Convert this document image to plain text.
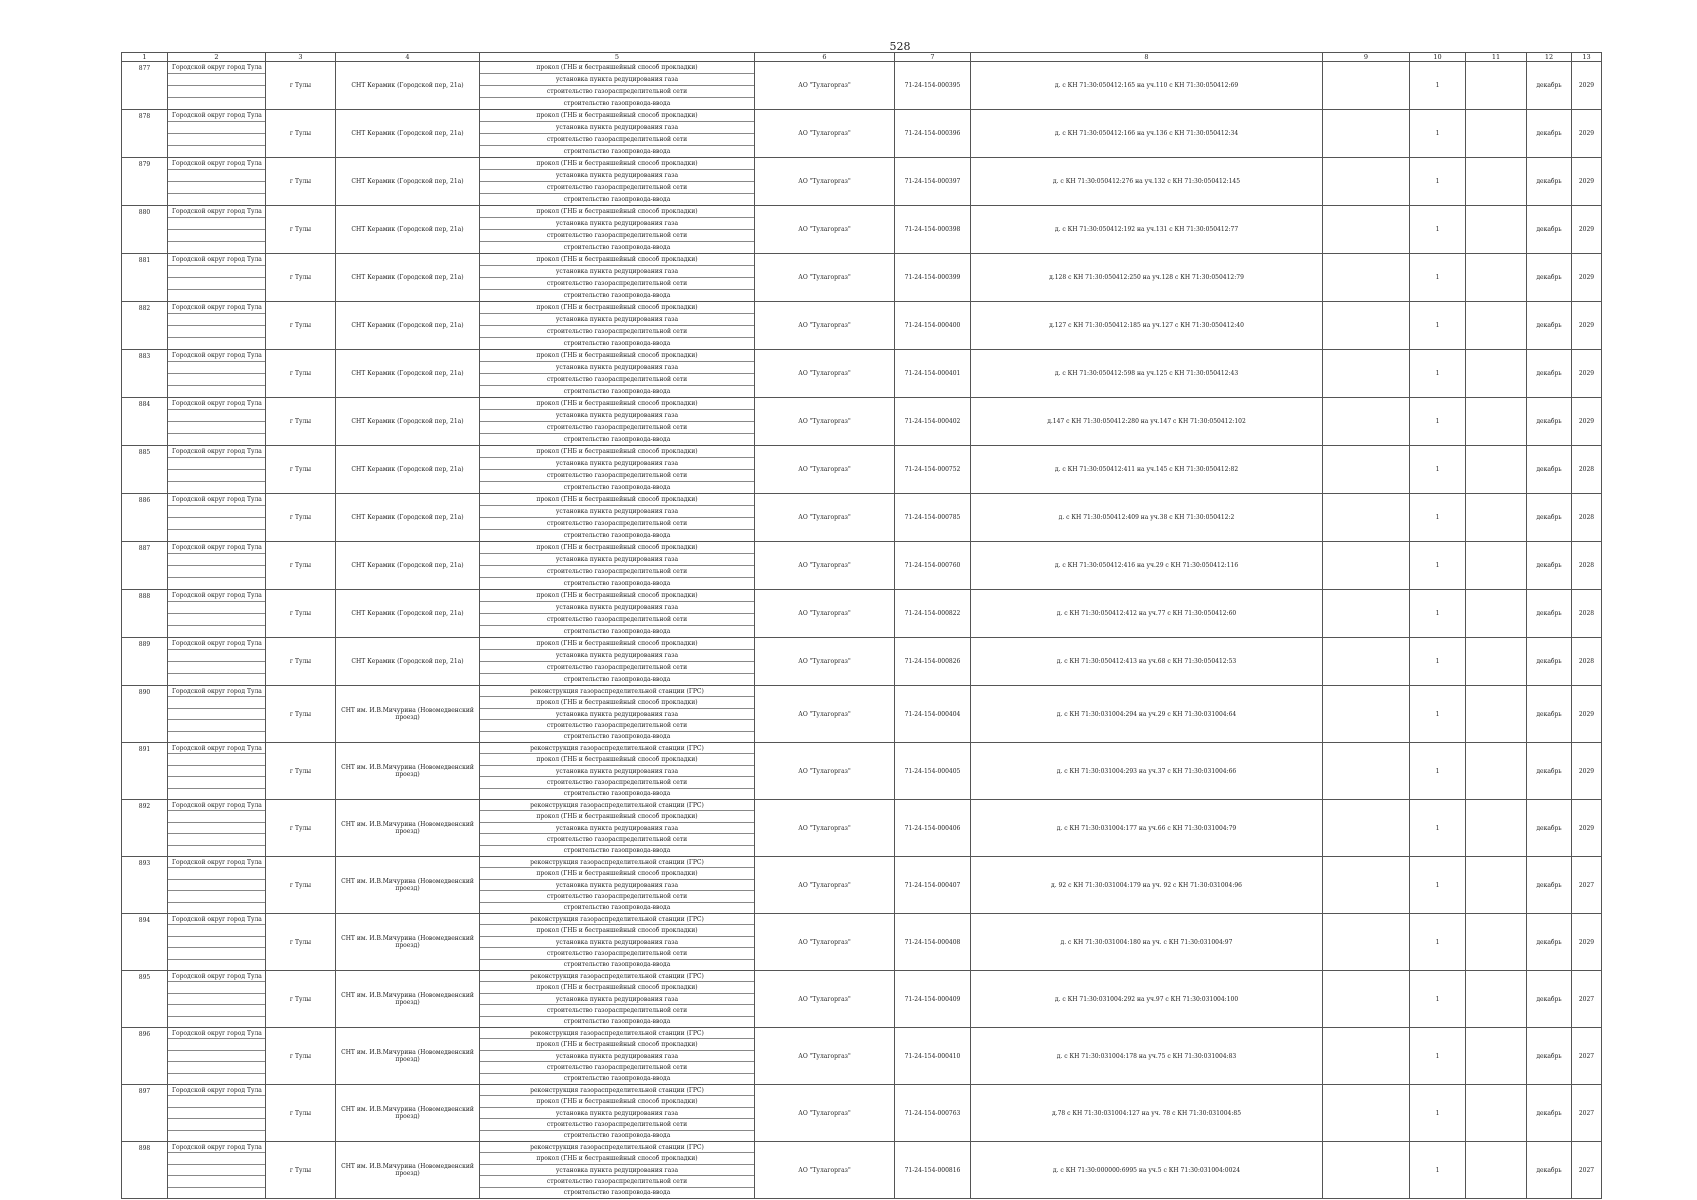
528
1	2	3	4	5	6	7	8	9	10	11	12	13
877	Городской округ город Тула	г Тулы	СНТ Керамик (Городской пер, 21а)	прокол (ГНБ и бестраншейный способ прокладки)
установка пункта редуцирования газа
строительство газораспределительной сети
строительство газопровода-ввода	АО "Тулагоргаз"	71-24-154-000395	д. с КН 71:30:050412:165 на уч.110 с КН 71:30:050412:69		1		декабрь	2029
878	Городской округ город Тула	г Тулы	СНТ Керамик (Городской пер, 21а)	прокол (ГНБ и бестраншейный способ прокладки)
установка пункта редуцирования газа
строительство газораспределительной сети
строительство газопровода-ввода	АО "Тулагоргаз"	71-24-154-000396	д. с КН 71:30:050412:166 на уч.136 с КН 71:30:050412:34		1		декабрь	2029
879	Городской округ город Тула	г Тулы	СНТ Керамик (Городской пер, 21а)	прокол (ГНБ и бестраншейный способ прокладки)
установка пункта редуцирования газа
строительство газораспределительной сети
строительство газопровода-ввода	АО "Тулагоргаз"	71-24-154-000397	д. с КН 71:30:050412:276 на уч.132 с КН 71:30:050412:145		1		декабрь	2029
880	Городской округ город Тула	г Тулы	СНТ Керамик (Городской пер, 21а)	прокол (ГНБ и бестраншейный способ прокладки)
установка пункта редуцирования газа
строительство газораспределительной сети
строительство газопровода-ввода	АО "Тулагоргаз"	71-24-154-000398	д. с КН 71:30:050412:192 на уч.131 с КН 71:30:050412:77		1		декабрь	2029
881	Городской округ город Тула	г Тулы	СНТ Керамик (Городской пер, 21а)	прокол (ГНБ и бестраншейный способ прокладки)
установка пункта редуцирования газа
строительство газораспределительной сети
строительство газопровода-ввода	АО "Тулагоргаз"	71-24-154-000399	д.128 с КН 71:30:050412:250 на уч.128 с КН 71:30:050412:79		1		декабрь	2029
882	Городской округ город Тула	г Тулы	СНТ Керамик (Городской пер, 21а)	прокол (ГНБ и бестраншейный способ прокладки)
установка пункта редуцирования газа
строительство газораспределительной сети
строительство газопровода-ввода	АО "Тулагоргаз"	71-24-154-000400	д.127 с КН 71:30:050412:185 на уч.127 с КН 71:30:050412:40		1		декабрь	2029
883	Городской округ город Тула	г Тулы	СНТ Керамик (Городской пер, 21а)	прокол (ГНБ и бестраншейный способ прокладки)
установка пункта редуцирования газа
строительство газораспределительной сети
строительство газопровода-ввода	АО "Тулагоргаз"	71-24-154-000401	д. с КН 71:30:050412:598 на уч.125 с КН 71:30:050412:43		1		декабрь	2029
884	Городской округ город Тула	г Тулы	СНТ Керамик (Городской пер, 21а)	прокол (ГНБ и бестраншейный способ прокладки)
установка пункта редуцирования газа
строительство газораспределительной сети
строительство газопровода-ввода	АО "Тулагоргаз"	71-24-154-000402	д.147 с КН 71:30:050412:280 на уч.147 с КН 71:30:050412:102		1		декабрь	2029
885	Городской округ город Тула	г Тулы	СНТ Керамик (Городской пер, 21а)	прокол (ГНБ и бестраншейный способ прокладки)
установка пункта редуцирования газа
строительство газораспределительной сети
строительство газопровода-ввода	АО "Тулагоргаз"	71-24-154-000752	д. с КН 71:30:050412:411 на уч.145 с КН 71:30:050412:82		1		декабрь	2028
886	Городской округ город Тула	г Тулы	СНТ Керамик (Городской пер, 21а)	прокол (ГНБ и бестраншейный способ прокладки)
установка пункта редуцирования газа
строительство газораспределительной сети
строительство газопровода-ввода	АО "Тулагоргаз"	71-24-154-000785	д. с КН 71:30:050412:409 на уч.38 с КН 71:30:050412:2		1		декабрь	2028
887	Городской округ город Тула	г Тулы	СНТ Керамик (Городской пер, 21а)	прокол (ГНБ и бестраншейный способ прокладки)
установка пункта редуцирования газа
строительство газораспределительной сети
строительство газопровода-ввода	АО "Тулагоргаз"	71-24-154-000760	д. с КН 71:30:050412:416 на уч.29 с КН 71:30:050412:116		1		декабрь	2028
888	Городской округ город Тула	г Тулы	СНТ Керамик (Городской пер, 21а)	прокол (ГНБ и бестраншейный способ прокладки)
установка пункта редуцирования газа
строительство газораспределительной сети
строительство газопровода-ввода	АО "Тулагоргаз"	71-24-154-000822	д. с КН 71:30:050412:412 на уч.77 с КН 71:30:050412:60		1		декабрь	2028
889	Городской округ город Тула	г Тулы	СНТ Керамик (Городской пер, 21а)	прокол (ГНБ и бестраншейный способ прокладки)
установка пункта редуцирования газа
строительство газораспределительной сети
строительство газопровода-ввода	АО "Тулагоргаз"	71-24-154-000826	д. с КН 71:30:050412:413 на уч.68 с КН 71:30:050412:53		1		декабрь	2028
890	Городской округ город Тула	г Тулы	СНТ им. И.В.Мичурина (Новомедвенский проезд)	реконструкция газораспределительной станции (ГРС)
прокол (ГНБ и бестраншейный способ прокладки)
установка пункта редуцирования газа
строительство газораспределительной сети
строительство газопровода-ввода	АО "Тулагоргаз"	71-24-154-000404	д. с КН 71:30:031004:294 на уч.29 с КН 71:30:031004:64		1		декабрь	2029
891	Городской округ город Тула	г Тулы	СНТ им. И.В.Мичурина (Новомедвенский проезд)	реконструкция газораспределительной станции (ГРС)
прокол (ГНБ и бестраншейный способ прокладки)
установка пункта редуцирования газа
строительство газораспределительной сети
строительство газопровода-ввода	АО "Тулагоргаз"	71-24-154-000405	д. с КН 71:30:031004:293 на уч.37 с КН 71:30:031004:66		1		декабрь	2029
892	Городской округ город Тула	г Тулы	СНТ им. И.В.Мичурина (Новомедвенский проезд)	реконструкция газораспределительной станции (ГРС)
прокол (ГНБ и бестраншейный способ прокладки)
установка пункта редуцирования газа
строительство газораспределительной сети
строительство газопровода-ввода	АО "Тулагоргаз"	71-24-154-000406	д. с КН 71:30:031004:177 на уч.66 с КН 71:30:031004:79		1		декабрь	2029
893	Городской округ город Тула	г Тулы	СНТ им. И.В.Мичурина (Новомедвенский проезд)	реконструкция газораспределительной станции (ГРС)
прокол (ГНБ и бестраншейный способ прокладки)
установка пункта редуцирования газа
строительство газораспределительной сети
строительство газопровода-ввода	АО "Тулагоргаз"	71-24-154-000407	д. 92 с КН 71:30:031004:179 на уч. 92 с КН 71:30:031004:96		1		декабрь	2027
894	Городской округ город Тула	г Тулы	СНТ им. И.В.Мичурина (Новомедвенский проезд)	реконструкция газораспределительной станции (ГРС)
прокол (ГНБ и бестраншейный способ прокладки)
установка пункта редуцирования газа
строительство газораспределительной сети
строительство газопровода-ввода	АО "Тулагоргаз"	71-24-154-000408	д. с КН 71:30:031004:180 на уч. с КН 71:30:031004:97		1		декабрь	2029
895	Городской округ город Тула	г Тулы	СНТ им. И.В.Мичурина (Новомедвенский проезд)	реконструкция газораспределительной станции (ГРС)
прокол (ГНБ и бестраншейный способ прокладки)
установка пункта редуцирования газа
строительство газораспределительной сети
строительство газопровода-ввода	АО "Тулагоргаз"	71-24-154-000409	д. с КН 71:30:031004:292 на уч.97 с КН 71:30:031004:100		1		декабрь	2027
896	Городской округ город Тула	г Тулы	СНТ им. И.В.Мичурина (Новомедвенский проезд)	реконструкция газораспределительной станции (ГРС)
прокол (ГНБ и бестраншейный способ прокладки)
установка пункта редуцирования газа
строительство газораспределительной сети
строительство газопровода-ввода	АО "Тулагоргаз"	71-24-154-000410	д. с КН 71:30:031004:178 на уч.75 с КН 71:30:031004:83		1		декабрь	2027
897	Городской округ город Тула	г Тулы	СНТ им. И.В.Мичурина (Новомедвенский проезд)	реконструкция газораспределительной станции (ГРС)
прокол (ГНБ и бестраншейный способ прокладки)
установка пункта редуцирования газа
строительство газораспределительной сети
строительство газопровода-ввода	АО "Тулагоргаз"	71-24-154-000763	д.78 с КН 71:30:031004:127 на уч. 78 с КН 71:30:031004:85		1		декабрь	2027
898	Городской округ город Тула	г Тулы	СНТ им. И.В.Мичурина (Новомедвенский проезд)	реконструкция газораспределительной станции (ГРС)
прокол (ГНБ и бестраншейный способ прокладки)
установка пункта редуцирования газа
строительство газораспределительной сети
строительство газопровода-ввода	АО "Тулагоргаз"	71-24-154-000816	д. с КН 71:30:000000:6995 на уч.5 с КН 71:30:031004:0024		1		декабрь	2027
